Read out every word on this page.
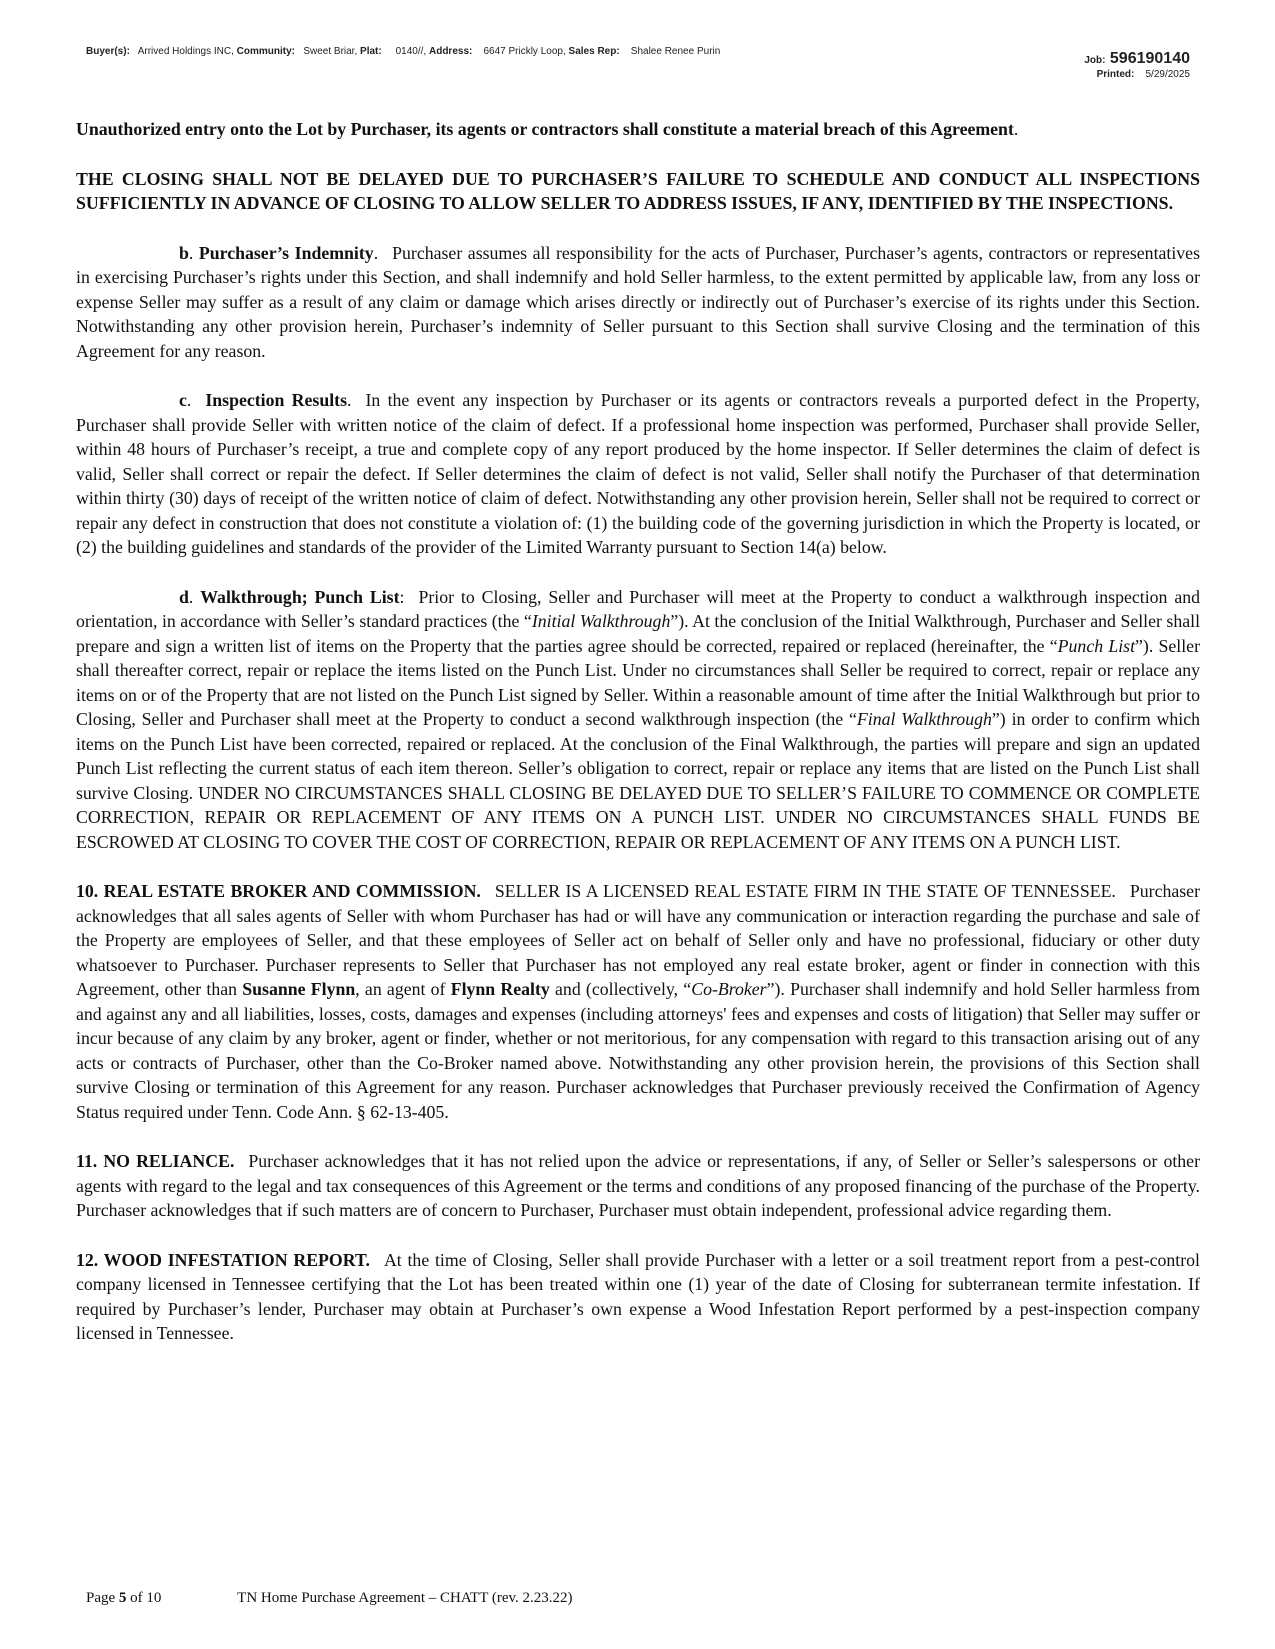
Buyer(s): Arrived Holdings INC, Community: Sweet Briar, Plat: 0140//, Address: 6647 Prickly Loop, Sales Rep: Shalee Renee Purin
Job: 596190140
Printed: 5/29/2025

Unauthorized entry onto the Lot by Purchaser, its agents or contractors shall constitute a material breach of this Agreement.

THE CLOSING SHALL NOT BE DELAYED DUE TO PURCHASER’S FAILURE TO SCHEDULE AND CONDUCT ALL INSPECTIONS SUFFICIENTLY IN ADVANCE OF CLOSING TO ALLOW SELLER TO ADDRESS ISSUES, IF ANY, IDENTIFIED BY THE INSPECTIONS.

b. Purchaser’s Indemnity. Purchaser assumes all responsibility for the acts of Purchaser, Purchaser’s agents, contractors or representatives in exercising Purchaser’s rights under this Section, and shall indemnify and hold Seller harmless, to the extent permitted by applicable law, from any loss or expense Seller may suffer as a result of any claim or damage which arises directly or indirectly out of Purchaser’s exercise of its rights under this Section. Notwithstanding any other provision herein, Purchaser’s indemnity of Seller pursuant to this Section shall survive Closing and the termination of this Agreement for any reason.

c. Inspection Results. In the event any inspection by Purchaser or its agents or contractors reveals a purported defect in the Property, Purchaser shall provide Seller with written notice of the claim of defect. If a professional home inspection was performed, Purchaser shall provide Seller, within 48 hours of Purchaser’s receipt, a true and complete copy of any report produced by the home inspector. If Seller determines the claim of defect is valid, Seller shall correct or repair the defect. If Seller determines the claim of defect is not valid, Seller shall notify the Purchaser of that determination within thirty (30) days of receipt of the written notice of claim of defect. Notwithstanding any other provision herein, Seller shall not be required to correct or repair any defect in construction that does not constitute a violation of: (1) the building code of the governing jurisdiction in which the Property is located, or (2) the building guidelines and standards of the provider of the Limited Warranty pursuant to Section 14(a) below.

d. Walkthrough; Punch List: Prior to Closing, Seller and Purchaser will meet at the Property to conduct a walkthrough inspection and orientation, in accordance with Seller’s standard practices (the “Initial Walkthrough”). At the conclusion of the Initial Walkthrough, Purchaser and Seller shall prepare and sign a written list of items on the Property that the parties agree should be corrected, repaired or replaced (hereinafter, the “Punch List”). Seller shall thereafter correct, repair or replace the items listed on the Punch List. Under no circumstances shall Seller be required to correct, repair or replace any items on or of the Property that are not listed on the Punch List signed by Seller. Within a reasonable amount of time after the Initial Walkthrough but prior to Closing, Seller and Purchaser shall meet at the Property to conduct a second walkthrough inspection (the “Final Walkthrough”) in order to confirm which items on the Punch List have been corrected, repaired or replaced. At the conclusion of the Final Walkthrough, the parties will prepare and sign an updated Punch List reflecting the current status of each item thereon. Seller’s obligation to correct, repair or replace any items that are listed on the Punch List shall survive Closing. UNDER NO CIRCUMSTANCES SHALL CLOSING BE DELAYED DUE TO SELLER’S FAILURE TO COMMENCE OR COMPLETE CORRECTION, REPAIR OR REPLACEMENT OF ANY ITEMS ON A PUNCH LIST. UNDER NO CIRCUMSTANCES SHALL FUNDS BE ESCROWED AT CLOSING TO COVER THE COST OF CORRECTION, REPAIR OR REPLACEMENT OF ANY ITEMS ON A PUNCH LIST.

10. REAL ESTATE BROKER AND COMMISSION. SELLER IS A LICENSED REAL ESTATE FIRM IN THE STATE OF TENNESSEE. Purchaser acknowledges that all sales agents of Seller with whom Purchaser has had or will have any communication or interaction regarding the purchase and sale of the Property are employees of Seller, and that these employees of Seller act on behalf of Seller only and have no professional, fiduciary or other duty whatsoever to Purchaser. Purchaser represents to Seller that Purchaser has not employed any real estate broker, agent or finder in connection with this Agreement, other than Susanne Flynn, an agent of Flynn Realty and (collectively, “Co-Broker”). Purchaser shall indemnify and hold Seller harmless from and against any and all liabilities, losses, costs, damages and expenses (including attorneys' fees and expenses and costs of litigation) that Seller may suffer or incur because of any claim by any broker, agent or finder, whether or not meritorious, for any compensation with regard to this transaction arising out of any acts or contracts of Purchaser, other than the Co-Broker named above. Notwithstanding any other provision herein, the provisions of this Section shall survive Closing or termination of this Agreement for any reason. Purchaser acknowledges that Purchaser previously received the Confirmation of Agency Status required under Tenn. Code Ann. § 62-13-405.

11. NO RELIANCE. Purchaser acknowledges that it has not relied upon the advice or representations, if any, of Seller or Seller’s salespersons or other agents with regard to the legal and tax consequences of this Agreement or the terms and conditions of any proposed financing of the purchase of the Property. Purchaser acknowledges that if such matters are of concern to Purchaser, Purchaser must obtain independent, professional advice regarding them.

12. WOOD INFESTATION REPORT. At the time of Closing, Seller shall provide Purchaser with a letter or a soil treatment report from a pest-control company licensed in Tennessee certifying that the Lot has been treated within one (1) year of the date of Closing for subterranean termite infestation. If required by Purchaser’s lender, Purchaser may obtain at Purchaser’s own expense a Wood Infestation Report performed by a pest-inspection company licensed in Tennessee.

Page 5 of 10	TN Home Purchase Agreement – CHATT (rev. 2.23.22)
